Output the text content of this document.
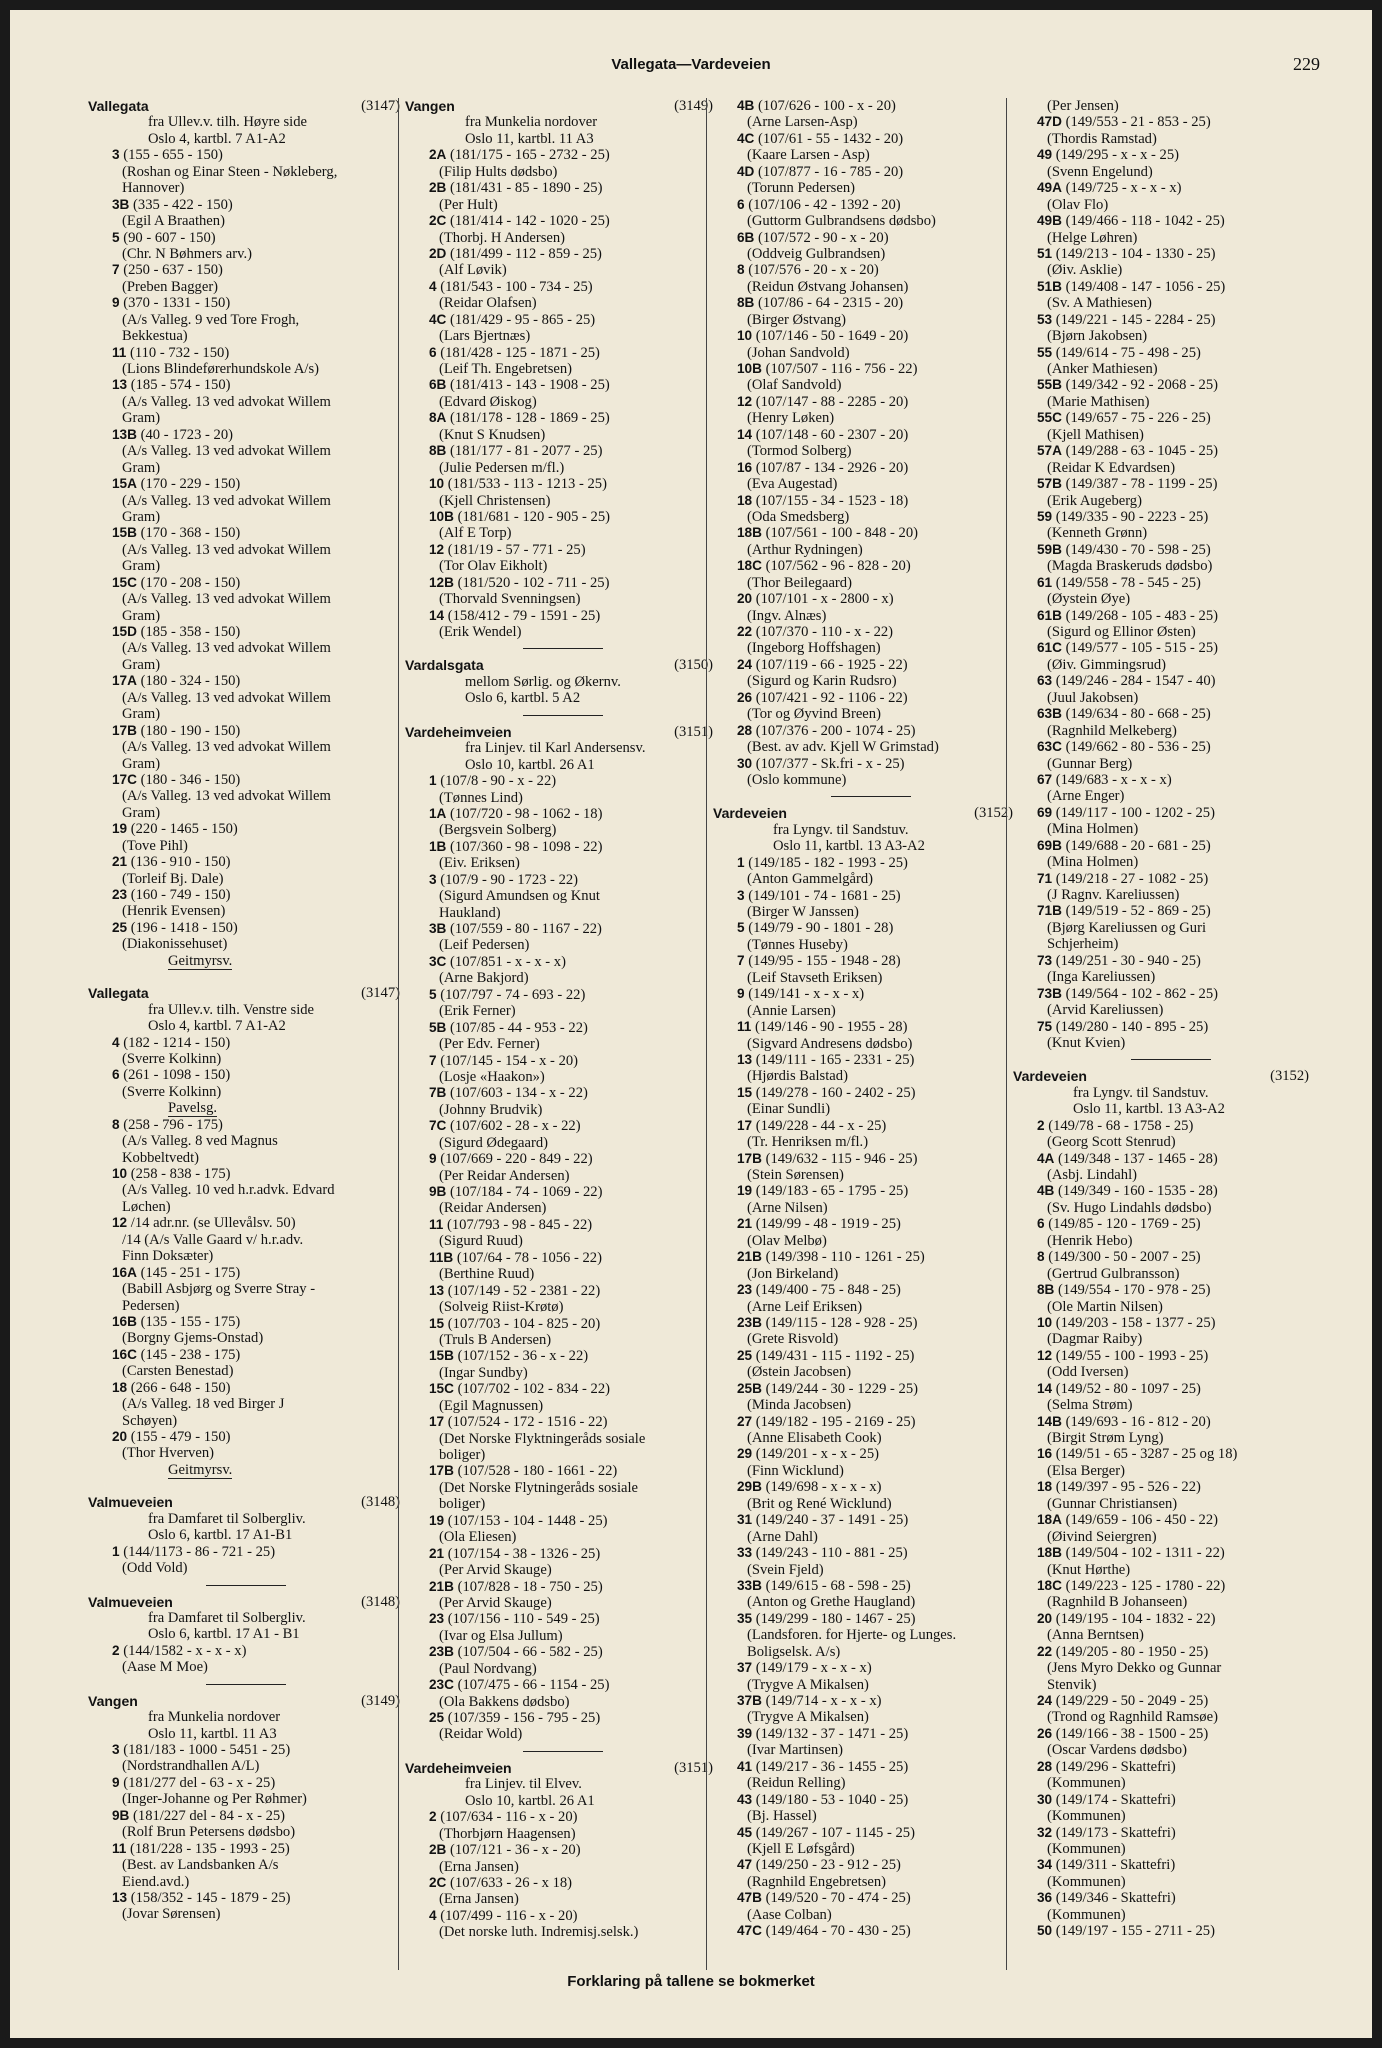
Vallegata—Vardeveien	229
Vallegata	(3147)
fra Ullev.v. tilh. Høyre side
Oslo 4, kartbl. 7 A1-A2
3 (155 - 655 - 150)
(Roshan og Einar Steen - Nøkleberg,
Hannover)
3B (335 - 422 - 150)
(Egil A Braathen)
5 (90 - 607 - 150)
(Chr. N Bøhmers arv.)
7 (250 - 637 - 150)
(Preben Bagger)
9 (370 - 1331 - 150)
(A/s Valleg. 9 ved Tore Frogh,
Bekkestua)
11 (110 - 732 - 150)
(Lions Blindeførerhundskole A/s)
13 (185 - 574 - 150)
(A/s Valleg. 13 ved advokat Willem
Gram)
13B (40 - 1723 - 20)
(A/s Valleg. 13 ved advokat Willem
Gram)
15A (170 - 229 - 150)
(A/s Valleg. 13 ved advokat Willem
Gram)
15B (170 - 368 - 150)
(A/s Valleg. 13 ved advokat Willem
Gram)
15C (170 - 208 - 150)
(A/s Valleg. 13 ved advokat Willem
Gram)
15D (185 - 358 - 150)
(A/s Valleg. 13 ved advokat Willem
Gram)
17A (180 - 324 - 150)
(A/s Valleg. 13 ved advokat Willem
Gram)
17B (180 - 190 - 150)
(A/s Valleg. 13 ved advokat Willem
Gram)
17C (180 - 346 - 150)
(A/s Valleg. 13 ved advokat Willem
Gram)
19 (220 - 1465 - 150)
(Tove Pihl)
21 (136 - 910 - 150)
(Torleif Bj. Dale)
23 (160 - 749 - 150)
(Henrik Evensen)
25 (196 - 1418 - 150)
(Diakonissehuset)
Geitmyrsv.
Vallegata	(3147)
fra Ullev.v. tilh. Venstre side
Oslo 4, kartbl. 7 A1-A2
4 (182 - 1214 - 150)
(Sverre Kolkinn)
6 (261 - 1098 - 150)
(Sverre Kolkinn)
Pavelsg.
8 (258 - 796 - 175)
(A/s Valleg. 8 ved Magnus
Kobbeltvedt)
10 (258 - 838 - 175)
(A/s Valleg. 10 ved h.r.advk. Edvard
Løchen)
12 /14 adr.nr. (se Ullevålsv. 50)
/14 (A/s Valle Gaard v/ h.r.adv.
Finn Doksæter)
16A (145 - 251 - 175)
(Babill Asbjørg og Sverre Stray -
Pedersen)
16B (135 - 155 - 175)
(Borgny Gjems-Onstad)
16C (145 - 238 - 175)
(Carsten Benestad)
18 (266 - 648 - 150)
(A/s Valleg. 18 ved Birger J
Schøyen)
20 (155 - 479 - 150)
(Thor Hverven)
Geitmyrsv.
Valmueveien	(3148)
fra Damfaret til Solbergliv.
Oslo 6, kartbl. 17 A1-B1
1 (144/1173 - 86 - 721 - 25)
(Odd Vold)
Valmueveien	(3148)
fra Damfaret til Solbergliv.
Oslo 6, kartbl. 17 A1 - B1
2 (144/1582 - x - x - x)
(Aase M Moe)
Vangen	(3149)
fra Munkelia nordover
Oslo 11, kartbl. 11 A3
3 (181/183 - 1000 - 5451 - 25)
(Nordstrandhallen A/L)
9 (181/277 del - 63 - x - 25)
(Inger-Johanne og Per Røhmer)
9B (181/227 del - 84 - x - 25)
(Rolf Brun Petersens dødsbo)
11 (181/228 - 135 - 1993 - 25)
(Best. av Landsbanken A/s
Eiend.avd.)
13 (158/352 - 145 - 1879 - 25)
(Jovar Sørensen)
Vangen	(3149)
fra Munkelia nordover
Oslo 11, kartbl. 11 A3
2A (181/175 - 165 - 2732 - 25)
(Filip Hults dødsbo)
2B (181/431 - 85 - 1890 - 25)
(Per Hult)
2C (181/414 - 142 - 1020 - 25)
(Thorbj. H Andersen)
2D (181/499 - 112 - 859 - 25)
(Alf Løvik)
4 (181/543 - 100 - 734 - 25)
(Reidar Olafsen)
4C (181/429 - 95 - 865 - 25)
(Lars Bjertnæs)
6 (181/428 - 125 - 1871 - 25)
(Leif Th. Engebretsen)
6B (181/413 - 143 - 1908 - 25)
(Edvard Øiskog)
8A (181/178 - 128 - 1869 - 25)
(Knut S Knudsen)
8B (181/177 - 81 - 2077 - 25)
(Julie Pedersen m/fl.)
10 (181/533 - 113 - 1213 - 25)
(Kjell Christensen)
10B (181/681 - 120 - 905 - 25)
(Alf E Torp)
12 (181/19 - 57 - 771 - 25)
(Tor Olav Eikholt)
12B (181/520 - 102 - 711 - 25)
(Thorvald Svenningsen)
14 (158/412 - 79 - 1591 - 25)
(Erik Wendel)
Vardalsgata	(3150)
mellom Sørlig. og Økernv.
Oslo 6, kartbl. 5 A2
Vardeheimveien	(3151)
fra Linjev. til Karl Andersensv.
Oslo 10, kartbl. 26 A1
1 (107/8 - 90 - x - 22)
(Tønnes Lind)
1A (107/720 - 98 - 1062 - 18)
(Bergsvein Solberg)
1B (107/360 - 98 - 1098 - 22)
(Eiv. Eriksen)
3 (107/9 - 90 - 1723 - 22)
(Sigurd Amundsen og Knut
Haukland)
3B (107/559 - 80 - 1167 - 22)
(Leif Pedersen)
3C (107/851 - x - x - x)
(Arne Bakjord)
5 (107/797 - 74 - 693 - 22)
(Erik Ferner)
5B (107/85 - 44 - 953 - 22)
(Per Edv. Ferner)
7 (107/145 - 154 - x - 20)
(Losje «Haakon»)
7B (107/603 - 134 - x - 22)
(Johnny Brudvik)
7C (107/602 - 28 - x - 22)
(Sigurd Ødegaard)
9 (107/669 - 220 - 849 - 22)
(Per Reidar Andersen)
9B (107/184 - 74 - 1069 - 22)
(Reidar Andersen)
11 (107/793 - 98 - 845 - 22)
(Sigurd Ruud)
11B (107/64 - 78 - 1056 - 22)
(Berthine Ruud)
13 (107/149 - 52 - 2381 - 22)
(Solveig Riist-Krøtø)
15 (107/703 - 104 - 825 - 20)
(Truls B Andersen)
15B (107/152 - 36 - x - 22)
(Ingar Sundby)
15C (107/702 - 102 - 834 - 22)
(Egil Magnussen)
17 (107/524 - 172 - 1516 - 22)
(Det Norske Flyktningeråds sosiale
boliger)
17B (107/528 - 180 - 1661 - 22)
(Det Norske Flytningeråds sosiale
boliger)
19 (107/153 - 104 - 1448 - 25)
(Ola Eliesen)
21 (107/154 - 38 - 1326 - 25)
(Per Arvid Skauge)
21B (107/828 - 18 - 750 - 25)
(Per Arvid Skauge)
23 (107/156 - 110 - 549 - 25)
(Ivar og Elsa Jullum)
23B (107/504 - 66 - 582 - 25)
(Paul Nordvang)
23C (107/475 - 66 - 1154 - 25)
(Ola Bakkens dødsbo)
25 (107/359 - 156 - 795 - 25)
(Reidar Wold)
Vardeheimveien	(3151)
fra Linjev. til Elvev.
Oslo 10, kartbl. 26 A1
2 (107/634 - 116 - x - 20)
(Thorbjørn Haagensen)
2B (107/121 - 36 - x - 20)
(Erna Jansen)
2C (107/633 - 26 - x 18)
(Erna Jansen)
4 (107/499 - 116 - x - 20)
(Det norske luth. Indremisj.selsk.)
4B (107/626 - 100 - x - 20)
(Arne Larsen-Asp)
4C (107/61 - 55 - 1432 - 20)
(Kaare Larsen - Asp)
4D (107/877 - 16 - 785 - 20)
(Torunn Pedersen)
6 (107/106 - 42 - 1392 - 20)
(Guttorm Gulbrandsens dødsbo)
6B (107/572 - 90 - x - 20)
(Oddveig Gulbrandsen)
8 (107/576 - 20 - x - 20)
(Reidun Østvang Johansen)
8B (107/86 - 64 - 2315 - 20)
(Birger Østvang)
10 (107/146 - 50 - 1649 - 20)
(Johan Sandvold)
10B (107/507 - 116 - 756 - 22)
(Olaf Sandvold)
12 (107/147 - 88 - 2285 - 20)
(Henry Løken)
14 (107/148 - 60 - 2307 - 20)
(Tormod Solberg)
16 (107/87 - 134 - 2926 - 20)
(Eva Augestad)
18 (107/155 - 34 - 1523 - 18)
(Oda Smedsberg)
18B (107/561 - 100 - 848 - 20)
(Arthur Rydningen)
18C (107/562 - 96 - 828 - 20)
(Thor Beilegaard)
20 (107/101 - x - 2800 - x)
(Ingv. Alnæs)
22 (107/370 - 110 - x - 22)
(Ingeborg Hoffshagen)
24 (107/119 - 66 - 1925 - 22)
(Sigurd og Karin Rudsro)
26 (107/421 - 92 - 1106 - 22)
(Tor og Øyvind Breen)
28 (107/376 - 200 - 1074 - 25)
(Best. av adv. Kjell W Grimstad)
30 (107/377 - Sk.fri - x - 25)
(Oslo kommune)
Vardeveien	(3152)
fra Lyngv. til Sandstuv.
Oslo 11, kartbl. 13 A3-A2
1 (149/185 - 182 - 1993 - 25)
(Anton Gammelgård)
3 (149/101 - 74 - 1681 - 25)
(Birger W Janssen)
5 (149/79 - 90 - 1801 - 28)
(Tønnes Huseby)
7 (149/95 - 155 - 1948 - 28)
(Leif Stavseth Eriksen)
9 (149/141 - x - x - x)
(Annie Larsen)
11 (149/146 - 90 - 1955 - 28)
(Sigvard Andresens dødsbo)
13 (149/111 - 165 - 2331 - 25)
(Hjørdis Balstad)
15 (149/278 - 160 - 2402 - 25)
(Einar Sundli)
17 (149/228 - 44 - x - 25)
(Tr. Henriksen m/fl.)
17B (149/632 - 115 - 946 - 25)
(Stein Sørensen)
19 (149/183 - 65 - 1795 - 25)
(Arne Nilsen)
21 (149/99 - 48 - 1919 - 25)
(Olav Melbø)
21B (149/398 - 110 - 1261 - 25)
(Jon Birkeland)
23 (149/400 - 75 - 848 - 25)
(Arne Leif Eriksen)
23B (149/115 - 128 - 928 - 25)
(Grete Risvold)
25 (149/431 - 115 - 1192 - 25)
(Østein Jacobsen)
25B (149/244 - 30 - 1229 - 25)
(Minda Jacobsen)
27 (149/182 - 195 - 2169 - 25)
(Anne Elisabeth Cook)
29 (149/201 - x - x - 25)
(Finn Wicklund)
29B (149/698 - x - x - x)
(Brit og René Wicklund)
31 (149/240 - 37 - 1491 - 25)
(Arne Dahl)
33 (149/243 - 110 - 881 - 25)
(Svein Fjeld)
33B (149/615 - 68 - 598 - 25)
(Anton og Grethe Haugland)
35 (149/299 - 180 - 1467 - 25)
(Landsforen. for Hjerte- og Lunges.
Boligselsk. A/s)
37 (149/179 - x - x - x)
(Trygve A Mikalsen)
37B (149/714 - x - x - x)
(Trygve A Mikalsen)
39 (149/132 - 37 - 1471 - 25)
(Ivar Martinsen)
41 (149/217 - 36 - 1455 - 25)
(Reidun Relling)
43 (149/180 - 53 - 1040 - 25)
(Bj. Hassel)
45 (149/267 - 107 - 1145 - 25)
(Kjell E Løfsgård)
47 (149/250 - 23 - 912 - 25)
(Ragnhild Engebretsen)
47B (149/520 - 70 - 474 - 25)
(Aase Colban)
47C (149/464 - 70 - 430 - 25)
(Per Jensen)
47D (149/553 - 21 - 853 - 25)
(Thordis Ramstad)
49 (149/295 - x - x - 25)
(Svenn Engelund)
49A (149/725 - x - x - x)
(Olav Flo)
49B (149/466 - 118 - 1042 - 25)
(Helge Løhren)
51 (149/213 - 104 - 1330 - 25)
(Øiv. Asklie)
51B (149/408 - 147 - 1056 - 25)
(Sv. A Mathiesen)
53 (149/221 - 145 - 2284 - 25)
(Bjørn Jakobsen)
55 (149/614 - 75 - 498 - 25)
(Anker Mathiesen)
55B (149/342 - 92 - 2068 - 25)
(Marie Mathisen)
55C (149/657 - 75 - 226 - 25)
(Kjell Mathisen)
57A (149/288 - 63 - 1045 - 25)
(Reidar K Edvardsen)
57B (149/387 - 78 - 1199 - 25)
(Erik Augeberg)
59 (149/335 - 90 - 2223 - 25)
(Kenneth Grønn)
59B (149/430 - 70 - 598 - 25)
(Magda Braskeruds dødsbo)
61 (149/558 - 78 - 545 - 25)
(Øystein Øye)
61B (149/268 - 105 - 483 - 25)
(Sigurd og Ellinor Østen)
61C (149/577 - 105 - 515 - 25)
(Øiv. Gimmingsrud)
63 (149/246 - 284 - 1547 - 40)
(Juul Jakobsen)
63B (149/634 - 80 - 668 - 25)
(Ragnhild Melkeberg)
63C (149/662 - 80 - 536 - 25)
(Gunnar Berg)
67 (149/683 - x - x - x)
(Arne Enger)
69 (149/117 - 100 - 1202 - 25)
(Mina Holmen)
69B (149/688 - 20 - 681 - 25)
(Mina Holmen)
71 (149/218 - 27 - 1082 - 25)
(J Ragnv. Kareliussen)
71B (149/519 - 52 - 869 - 25)
(Bjørg Kareliussen og Guri
Schjerheim)
73 (149/251 - 30 - 940 - 25)
(Inga Kareliussen)
73B (149/564 - 102 - 862 - 25)
(Arvid Kareliussen)
75 (149/280 - 140 - 895 - 25)
(Knut Kvien)
Vardeveien	(3152)
fra Lyngv. til Sandstuv.
Oslo 11, kartbl. 13 A3-A2
2 (149/78 - 68 - 1758 - 25)
(Georg Scott Stenrud)
4A (149/348 - 137 - 1465 - 28)
(Asbj. Lindahl)
4B (149/349 - 160 - 1535 - 28)
(Sv. Hugo Lindahls dødsbo)
6 (149/85 - 120 - 1769 - 25)
(Henrik Hebo)
8 (149/300 - 50 - 2007 - 25)
(Gertrud Gulbransson)
8B (149/554 - 170 - 978 - 25)
(Ole Martin Nilsen)
10 (149/203 - 158 - 1377 - 25)
(Dagmar Raiby)
12 (149/55 - 100 - 1993 - 25)
(Odd Iversen)
14 (149/52 - 80 - 1097 - 25)
(Selma Strøm)
14B (149/693 - 16 - 812 - 20)
(Birgit Strøm Lyng)
16 (149/51 - 65 - 3287 - 25 og 18)
(Elsa Berger)
18 (149/397 - 95 - 526 - 22)
(Gunnar Christiansen)
18A (149/659 - 106 - 450 - 22)
(Øivind Seiergren)
18B (149/504 - 102 - 1311 - 22)
(Knut Hørthe)
18C (149/223 - 125 - 1780 - 22)
(Ragnhild B Johanseen)
20 (149/195 - 104 - 1832 - 22)
(Anna Berntsen)
22 (149/205 - 80 - 1950 - 25)
(Jens Myro Dekko og Gunnar
Stenvik)
24 (149/229 - 50 - 2049 - 25)
(Trond og Ragnhild Ramsøe)
26 (149/166 - 38 - 1500 - 25)
(Oscar Vardens dødsbo)
28 (149/296 - Skattefri)
(Kommunen)
30 (149/174 - Skattefri)
(Kommunen)
32 (149/173 - Skattefri)
(Kommunen)
34 (149/311 - Skattefri)
(Kommunen)
36 (149/346 - Skattefri)
(Kommunen)
50 (149/197 - 155 - 2711 - 25)
Forklaring på tallene se bokmerket
